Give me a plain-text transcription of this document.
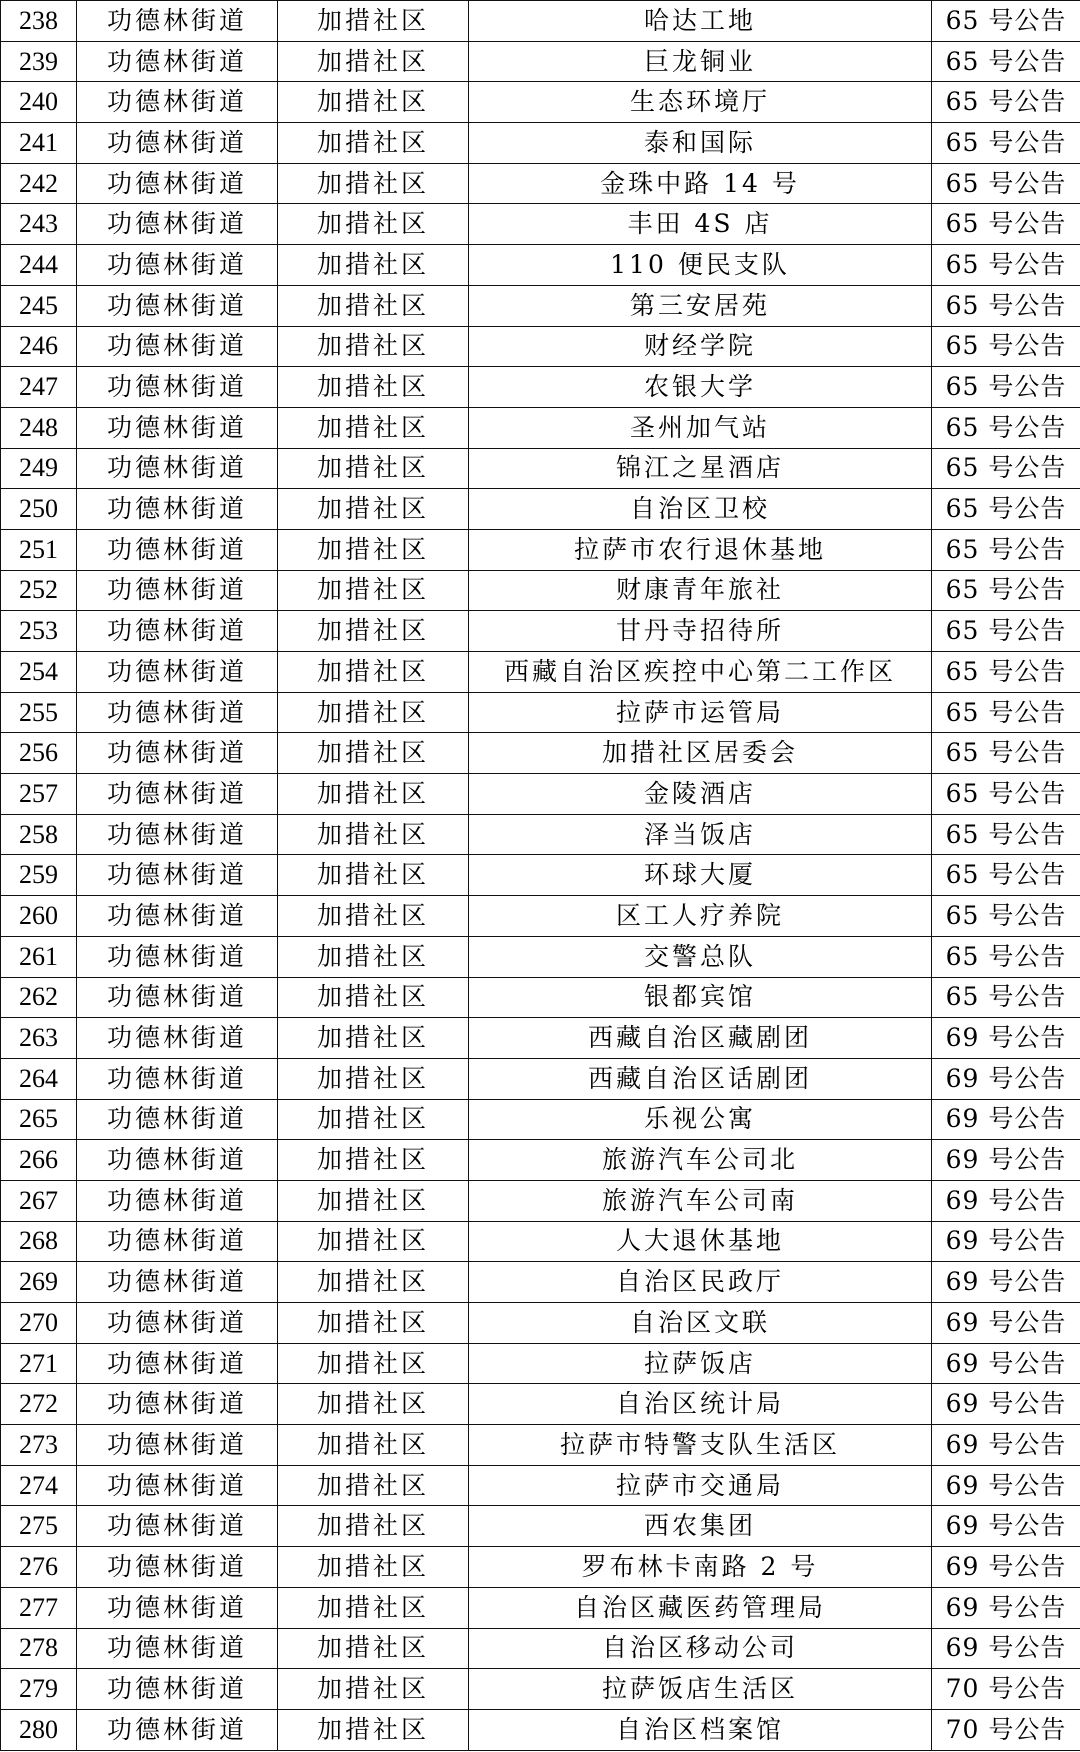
238	功德林街道	加措社区	哈达工地	65 号公告
239	功德林街道	加措社区	巨龙铜业	65 号公告
240	功德林街道	加措社区	生态环境厅	65 号公告
241	功德林街道	加措社区	泰和国际	65 号公告
242	功德林街道	加措社区	金珠中路 14 号	65 号公告
243	功德林街道	加措社区	丰田 4S 店	65 号公告
244	功德林街道	加措社区	110 便民支队	65 号公告
245	功德林街道	加措社区	第三安居苑	65 号公告
246	功德林街道	加措社区	财经学院	65 号公告
247	功德林街道	加措社区	农银大学	65 号公告
248	功德林街道	加措社区	圣州加气站	65 号公告
249	功德林街道	加措社区	锦江之星酒店	65 号公告
250	功德林街道	加措社区	自治区卫校	65 号公告
251	功德林街道	加措社区	拉萨市农行退休基地	65 号公告
252	功德林街道	加措社区	财康青年旅社	65 号公告
253	功德林街道	加措社区	甘丹寺招待所	65 号公告
254	功德林街道	加措社区	西藏自治区疾控中心第二工作区	65 号公告
255	功德林街道	加措社区	拉萨市运管局	65 号公告
256	功德林街道	加措社区	加措社区居委会	65 号公告
257	功德林街道	加措社区	金陵酒店	65 号公告
258	功德林街道	加措社区	泽当饭店	65 号公告
259	功德林街道	加措社区	环球大厦	65 号公告
260	功德林街道	加措社区	区工人疗养院	65 号公告
261	功德林街道	加措社区	交警总队	65 号公告
262	功德林街道	加措社区	银都宾馆	65 号公告
263	功德林街道	加措社区	西藏自治区藏剧团	69 号公告
264	功德林街道	加措社区	西藏自治区话剧团	69 号公告
265	功德林街道	加措社区	乐视公寓	69 号公告
266	功德林街道	加措社区	旅游汽车公司北	69 号公告
267	功德林街道	加措社区	旅游汽车公司南	69 号公告
268	功德林街道	加措社区	人大退休基地	69 号公告
269	功德林街道	加措社区	自治区民政厅	69 号公告
270	功德林街道	加措社区	自治区文联	69 号公告
271	功德林街道	加措社区	拉萨饭店	69 号公告
272	功德林街道	加措社区	自治区统计局	69 号公告
273	功德林街道	加措社区	拉萨市特警支队生活区	69 号公告
274	功德林街道	加措社区	拉萨市交通局	69 号公告
275	功德林街道	加措社区	西农集团	69 号公告
276	功德林街道	加措社区	罗布林卡南路 2 号	69 号公告
277	功德林街道	加措社区	自治区藏医药管理局	69 号公告
278	功德林街道	加措社区	自治区移动公司	69 号公告
279	功德林街道	加措社区	拉萨饭店生活区	70 号公告
280	功德林街道	加措社区	自治区档案馆	70 号公告
